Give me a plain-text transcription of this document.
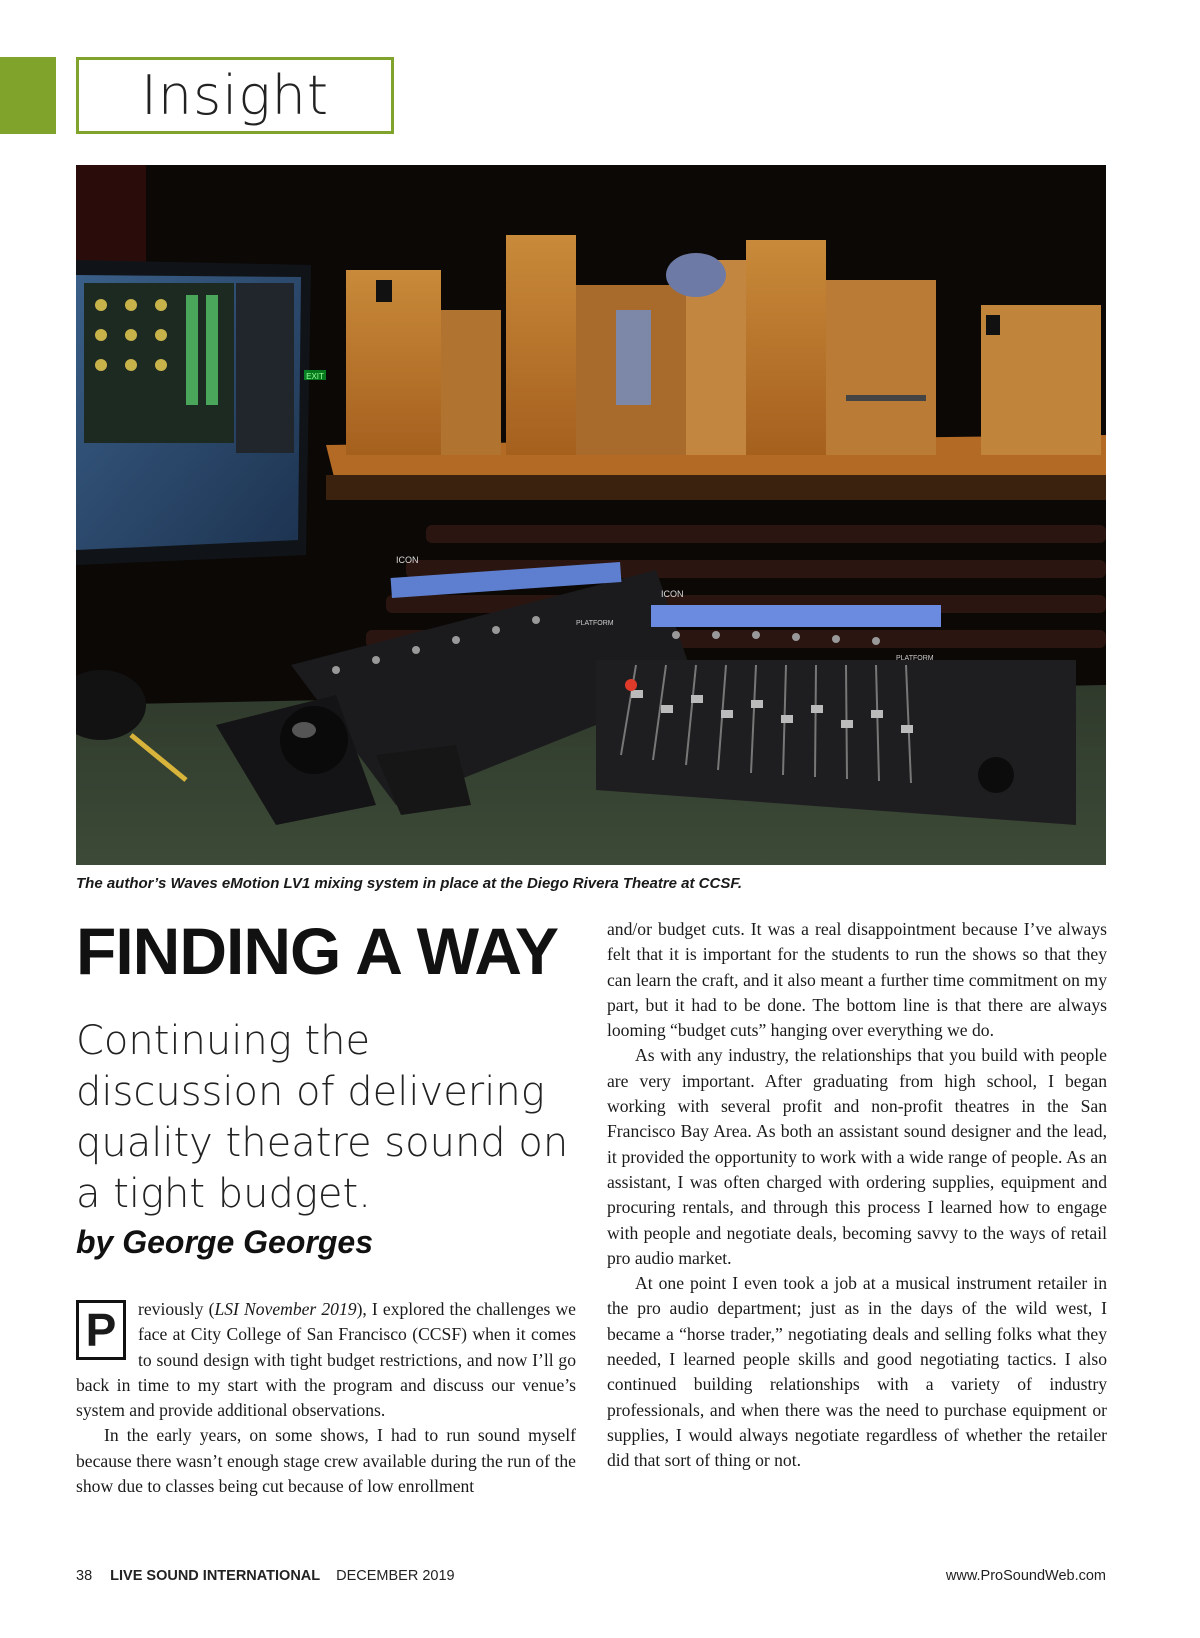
Insight
EXIT
ICON
ICON
PLATFORM
PLATFORM
The author’s Waves eMotion LV1 mixing system in place at the Diego Rivera Theatre at CCSF.
FINDING A WAY
Continuing the discussion of delivering quality theatre sound on a tight budget.
by George Georges

P	reviously (LSI November 2019), I explored the challenges we face at City College of San Francisco (CCSF) when it comes to sound design with tight budget restrictions, and now I’ll go back in time to my start with the program and discuss our venue’s system and provide additional observations.

In the early years, on some shows, I had to run sound myself because there wasn’t enough stage crew available during the run of the show due to classes being cut because of low enrollment

and/or budget cuts. It was a real disappointment because I’ve always felt that it is important for the students to run the shows so that they can learn the craft, and it also meant a further time commitment on my part, but it had to be done. The bottom line is that there are always looming “budget cuts” hanging over everything we do.

As with any industry, the relationships that you build with people are very important. After graduating from high school, I began working with several profit and non-profit theatres in the San Francisco Bay Area. As both an assistant sound designer and the lead, it provided the opportunity to work with a wide range of people. As an assistant, I was often charged with ordering supplies, equipment and procuring rentals, and through this process I learned how to engage with people and negotiate deals, becoming savvy to the ways of retail pro audio market.

At one point I even took a job at a musical instrument retailer in the pro audio department; just as in the days of the wild west, I became a “horse trader,” negotiating deals and selling folks what they needed, I learned people skills and good negotiating tactics. I also continued building relationships with a variety of industry professionals, and when there was the need to purchase equipment or supplies, I would always negotiate regardless of whether the retailer did that sort of thing or not.

38 LIVE SOUND INTERNATIONAL DECEMBER 2019	www.ProSoundWeb.com
